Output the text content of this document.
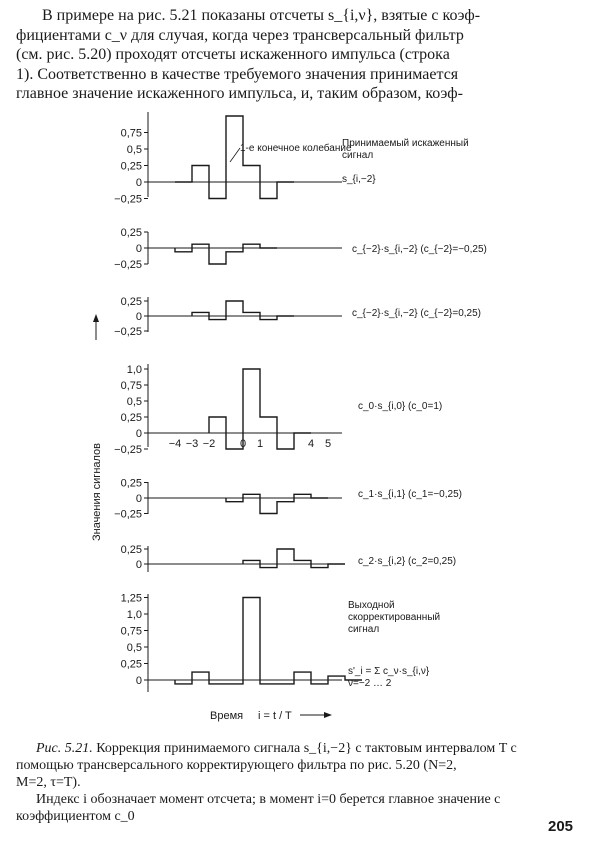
В примере на рис. 5.21 показаны отсчеты s_{i,ν}, взятые с коэф-
фициентами c_ν для случая, когда через трансверсальный фильтр
(см. рис. 5.20) проходят отсчеты искаженного импульса (строка
1). Соответственно в качестве требуемого значения принимается
главное значение искаженного импульса, и, таким образом, коэф-
0,75
0,5
0,25
0
−0,25
Принимаемый искаженный
сигнал
s_{i,−2}
1-е конечное колебание
0,25
0
−0,25
c_{−2}·s_{i,−2} (c_{−2}=−0,25)
0,25
0
−0,25
c_{−2}·s_{i,−2} (c_{−2}=0,25)
1,0
0,75
0,5
0,25
0
−0,25
c_0·s_{i,0} (c_0=1)
0,25
0
−0,25
c_1·s_{i,1} (c_1=−0,25)
0,25
0	c_2·s_{i,2} (c_2=0,25)
1,25
1,0
0,75
0,5
0,25
0
Выходной
скорректированный
сигнал
s'_i = Σ c_ν·s_{i,ν}
ν=−2 … 2
−4 −3 −2 0 1	4 5
Значения сигналов
Время i = t / T
Рис. 5.21. Коррекция принимаемого сигнала s_{i,−2} с тактовым интервалом T с
помощью трансверсального корректирующего фильтра по рис. 5.20 (N=2,
M=2, τ=T).
Индекс i обозначает момент отсчета; в момент i=0 берется главное значение с
коэффициентом c_0
205
